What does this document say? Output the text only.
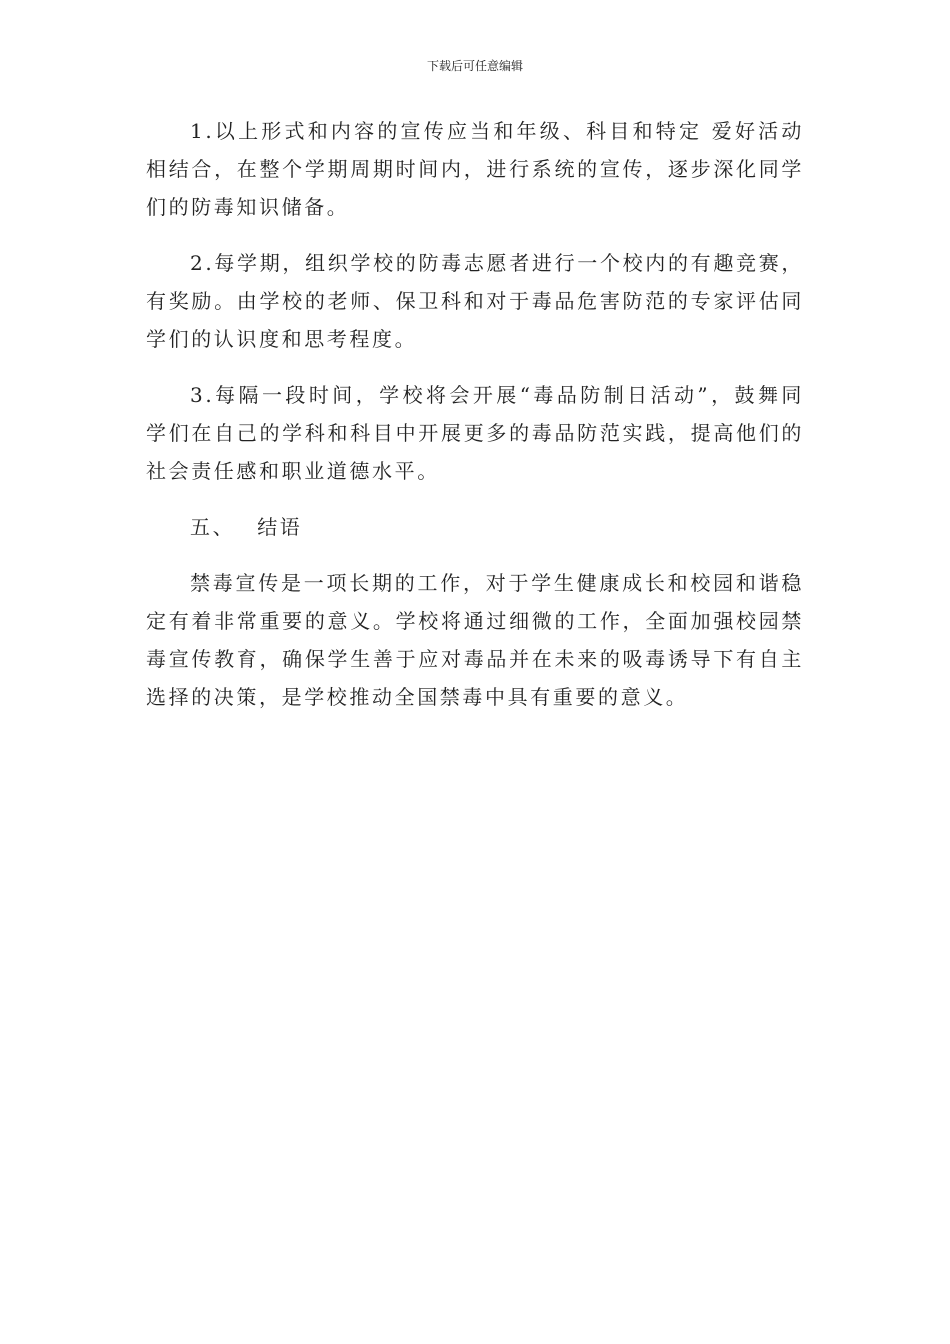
下载后可任意编辑

1.以上形式和内容的宣传应当和年级、科目和特定 爱好活动相结合，在整个学期周期时间内，进行系统的宣传，逐步深化同学们的防毒知识储备。

2.每学期，组织学校的防毒志愿者进行一个校内的有趣竞赛，有奖励。由学校的老师、保卫科和对于毒品危害防范的专家评估同学们的认识度和思考程度。

3.每隔一段时间，学校将会开展“毒品防制日活动”，鼓舞同学们在自己的学科和科目中开展更多的毒品防范实践，提高他们的社会责任感和职业道德水平。

五、 结语

禁毒宣传是一项长期的工作，对于学生健康成长和校园和谐稳定有着非常重要的意义。学校将通过细微的工作，全面加强校园禁毒宣传教育，确保学生善于应对毒品并在未来的吸毒诱导下有自主选择的决策，是学校推动全国禁毒中具有重要的意义。
